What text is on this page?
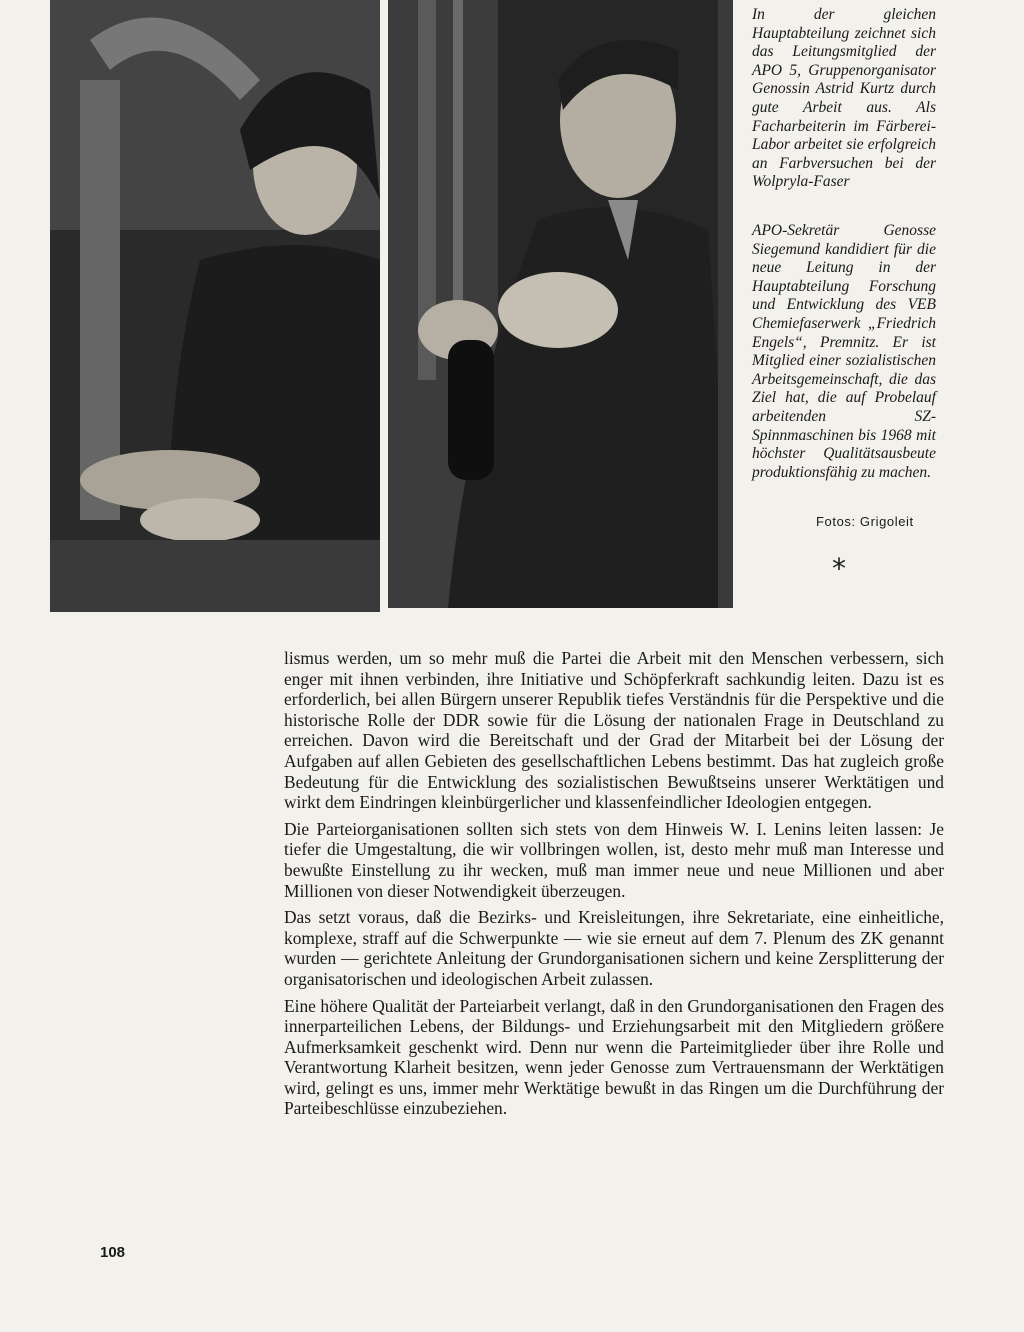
In der gleichen Hauptabteilung zeichnet sich das Leitungsmitglied der APO 5, Gruppenorganisator Genossin Astrid Kurtz durch gute Arbeit aus. Als Facharbeiterin im Färberei-Labor arbeitet sie erfolgreich an Farbversuchen bei der Wolpryla-Faser

APO-Sekretär Genosse Siegemund kandidiert für die neue Leitung in der Hauptabteilung Forschung und Entwicklung des VEB Chemiefaserwerk „Friedrich Engels“, Premnitz. Er ist Mitglied einer sozialistischen Arbeitsgemeinschaft, die das Ziel hat, die auf Probelauf arbeitenden SZ-Spinnmaschinen bis 1968 mit höchster Qualitätsausbeute produktionsfähig zu machen.

Fotos: Grigoleit

*

lismus werden, um so mehr muß die Partei die Arbeit mit den Menschen verbessern, sich enger mit ihnen verbinden, ihre Initiative und Schöpferkraft sachkundig leiten. Dazu ist es erforderlich, bei allen Bürgern unserer Republik tiefes Verständnis für die Perspektive und die historische Rolle der DDR sowie für die Lösung der nationalen Frage in Deutschland zu erreichen. Davon wird die Bereitschaft und der Grad der Mitarbeit bei der Lösung der Aufgaben auf allen Gebieten des gesellschaftlichen Lebens bestimmt. Das hat zugleich große Bedeutung für die Entwicklung des sozialistischen Bewußtseins unserer Werktätigen und wirkt dem Eindringen kleinbürgerlicher und klassenfeindlicher Ideologien entgegen.

Die Parteiorganisationen sollten sich stets von dem Hinweis W. I. Lenins leiten lassen: Je tiefer die Umgestaltung, die wir vollbringen wollen, ist, desto mehr muß man Interesse und bewußte Einstellung zu ihr wecken, muß man immer neue und neue Millionen und aber Millionen von dieser Notwendigkeit überzeugen.

Das setzt voraus, daß die Bezirks- und Kreisleitungen, ihre Sekretariate, eine einheitliche, komplexe, straff auf die Schwerpunkte — wie sie erneut auf dem 7. Plenum des ZK genannt wurden — gerichtete Anleitung der Grundorganisationen sichern und keine Zersplitterung der organisatorischen und ideologischen Arbeit zulassen.

Eine höhere Qualität der Parteiarbeit verlangt, daß in den Grundorganisationen den Fragen des innerparteilichen Lebens, der Bildungs- und Erziehungsarbeit mit den Mitgliedern größere Aufmerksamkeit geschenkt wird. Denn nur wenn die Parteimitglieder über ihre Rolle und Verantwortung Klarheit besitzen, wenn jeder Genosse zum Vertrauensmann der Werktätigen wird, gelingt es uns, immer mehr Werktätige bewußt in das Ringen um die Durchführung der Parteibeschlüsse einzubeziehen.

108
